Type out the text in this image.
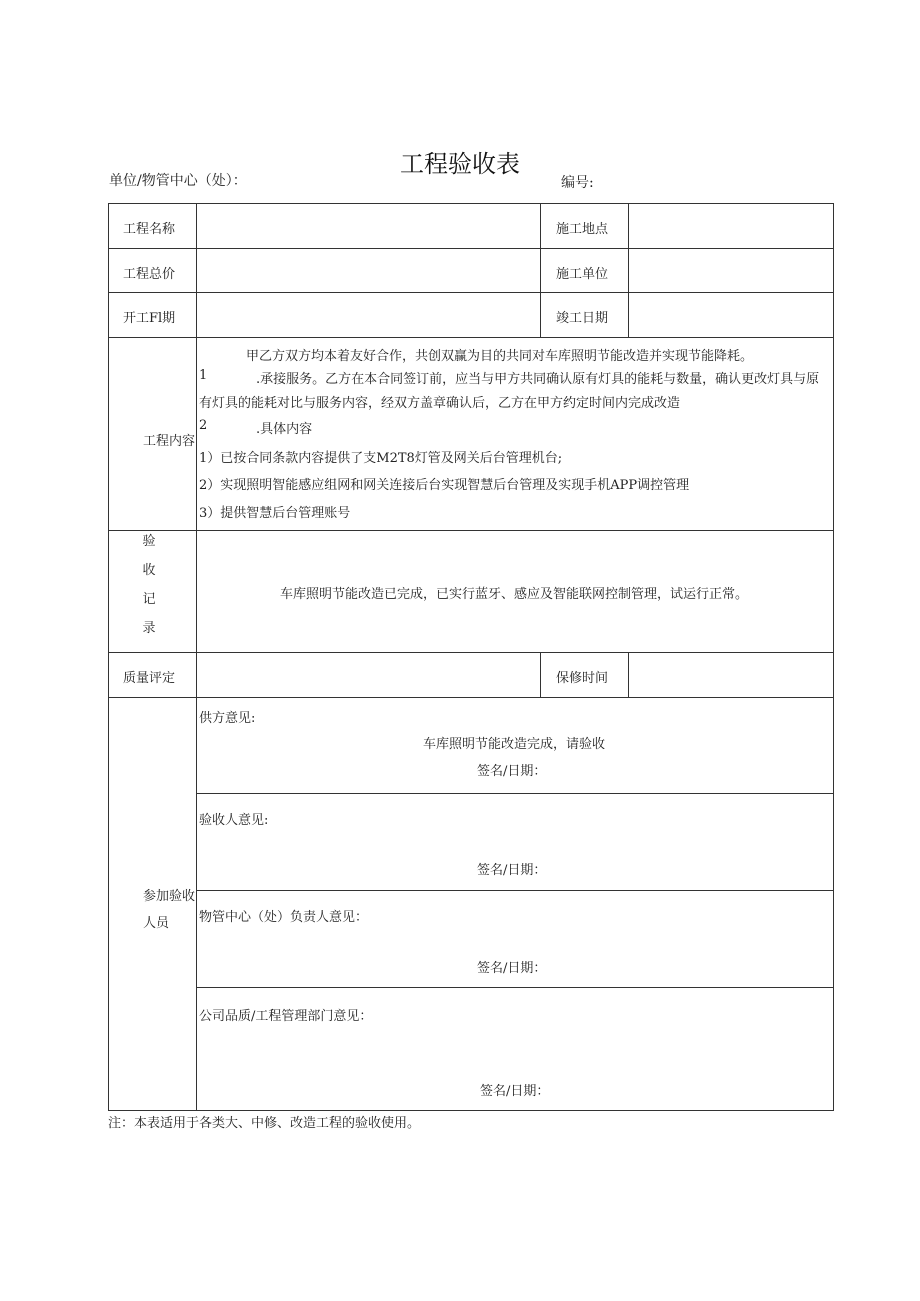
工程验收表
单位/物管中心（处）：	编号:
工程名称	施工地点
工程总价	施工单位
开工Fl期	竣工日期
工程内容
甲乙方双方均本着友好合作，共创双赢为目的共同对车库照明节能改造并实现节能降耗。
1	.承接服务。乙方在本合同签订前，应当与甲方共同确认原有灯具的能耗与数量，确认更改灯具与原
有灯具的能耗对比与服务内容，经双方盖章确认后，乙方在甲方约定时间内完成改造
2	.具体内容
1）已按合同条款内容提供了支M2T8灯管及网关后台管理机台;
2）实现照明智能感应组网和网关连接后台实现智慧后台管理及实现手机APP调控管理
3）提供智慧后台管理账号
验
收
记
录
车库照明节能改造已完成，已实行蓝牙、感应及智能联网控制管理，试运行正常。
质量评定	保修时间
参加验收
人员
供方意见:
车库照明节能改造完成，请验收
签名/日期：
验收人意见:
签名/日期：
物管中心（处）负责人意见：
签名/日期：
公司品质/工程管理部门意见：
签名/日期：
注：本表适用于各类大、中修、改造工程的验收使用。
